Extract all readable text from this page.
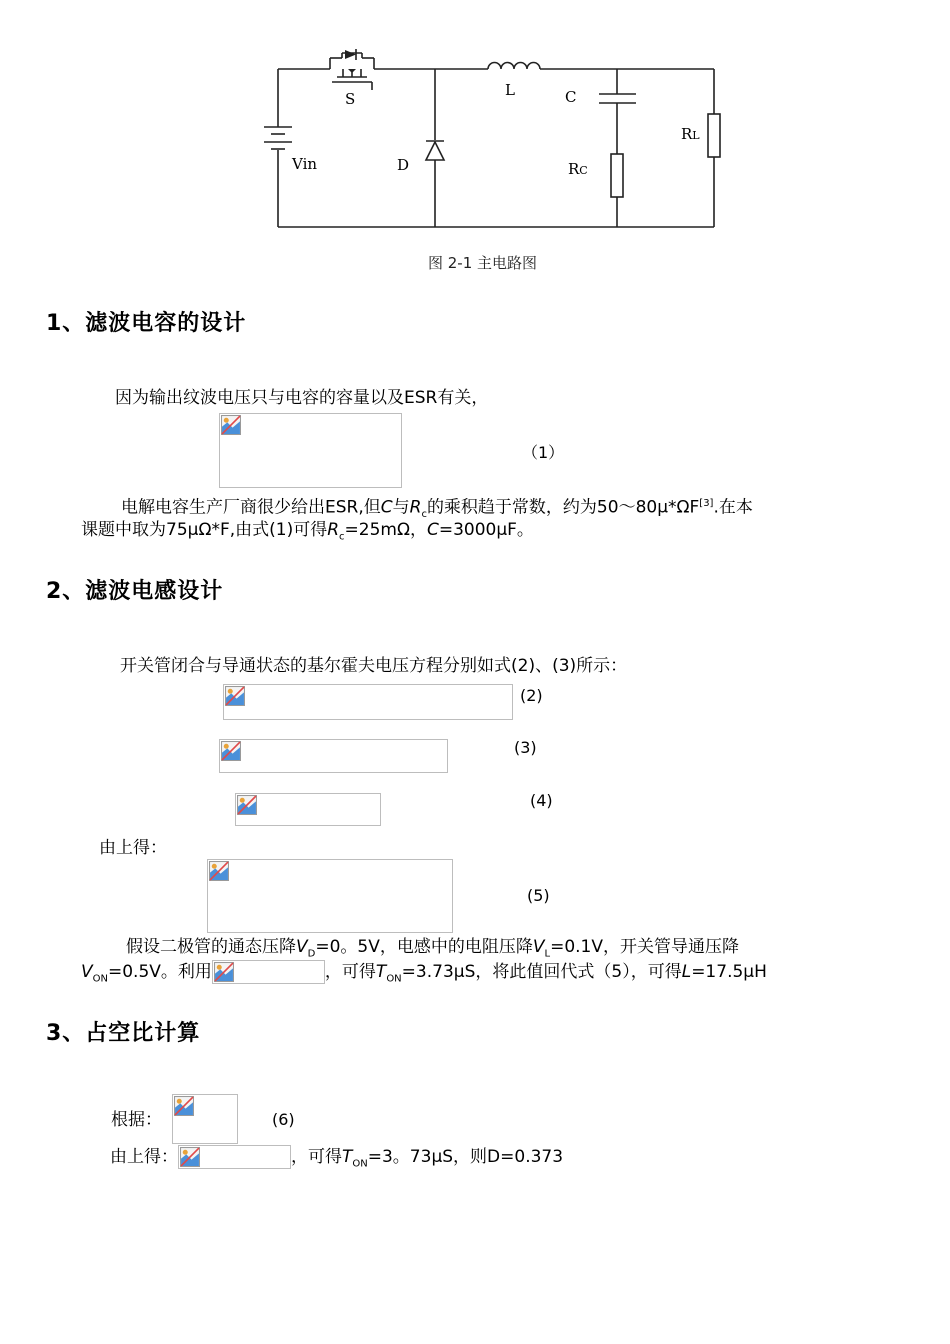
S
Vin	D
L	C
RC
RL
图 2-1 主电路图
1、滤波电容的设计
因为输出纹波电压只与电容的容量以及ESR有关，
（1）
电解电容生产厂商很少给出ESR,但C与$R_c$的乘积趋于常数，约为50～80μ*ΩF[3].在本
课题中取为75μΩ*F,由式(1)可得$R_c=25m\Omega$，C=3000μF。
2、滤波电感设计
开关管闭合与导通状态的基尔霍夫电压方程分别如式(2)、(3)所示：
(2)
(3)
(4)
由上得：
(5)
假设二极管的通态压降$V_D=0$。5V，电感中的电阻压降$V_L=0.1V$，开关管导通压降
$V_{ON}=0.5V$。利用	，可得$T_{ON}=3.73\mu S$，将此值回代式（5），可得L=17.5μH
3、占空比计算
根据：	(6)
由上得：	，可得$T_{ON}=3$。73μS，则D=0.373
